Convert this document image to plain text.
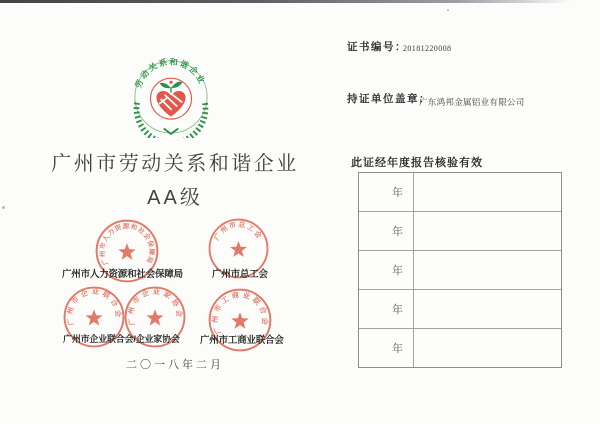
劳动关系和谐企业
广州市劳动关系和谐企业
AA级
广州市人力资源和社会保障局
广州市总工会
广州市人力资源和社会保障局	广州市总工会
广州市企业联合会 广州市企业家协会
广州市工商业联合会
广州市企业联合会/企业家协会 广州市工商业联合会
二〇一八年二月
证书编号：
20181220008
持证单位盖章：
广东鸿邦金属铝业有限公司
此证经年度报告核验有效
年
年
年
年
年
